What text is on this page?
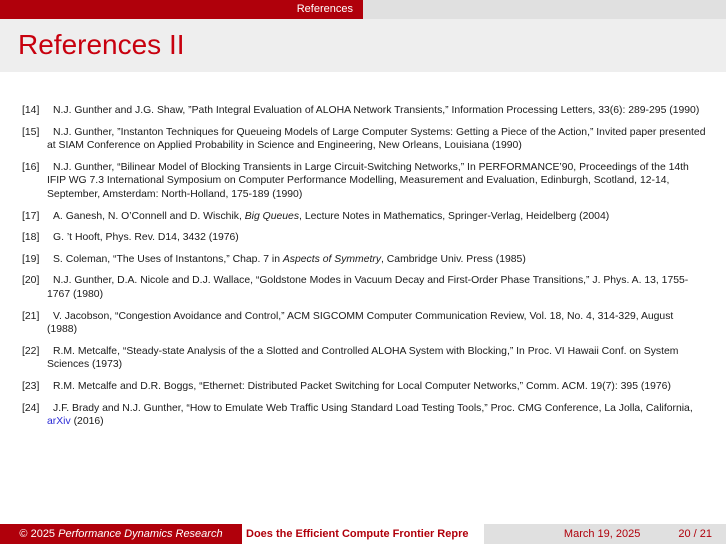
References
References II
[14]	N.J. Gunther and J.G. Shaw, ”Path Integral Evaluation of ALOHA Network Transients,” Information Processing Letters, 33(6): 289-295 (1990)
[15]	N.J. Gunther, ”Instanton Techniques for Queueing Models of Large Computer Systems: Getting a Piece of the Action,” Invited paper presented at SIAM Conference on Applied Probability in Science and Engineering, New Orleans, Louisiana (1990)
[16]	N.J. Gunther, “Bilinear Model of Blocking Transients in Large Circuit-Switching Networks,” In PERFORMANCE’90, Proceedings of the 14th IFIP WG 7.3 International Symposium on Computer Performance Modelling, Measurement and Evaluation, Edinburgh, Scotland, 12-14, September, Amsterdam: North-Holland, 175-189 (1990)
[17]	A. Ganesh, N. O’Connell and D. Wischik, Big Queues, Lecture Notes in Mathematics, Springer-Verlag, Heidelberg (2004)
[18]	G. ’t Hooft, Phys. Rev. D14, 3432 (1976)
[19]	S. Coleman, “The Uses of Instantons,” Chap. 7 in Aspects of Symmetry, Cambridge Univ. Press (1985)
[20]	N.J. Gunther, D.A. Nicole and D.J. Wallace, “Goldstone Modes in Vacuum Decay and First-Order Phase Transitions,” J. Phys. A. 13, 1755-1767 (1980)
[21]	V. Jacobson, “Congestion Avoidance and Control,” ACM SIGCOMM Computer Communication Review, Vol. 18, No. 4, 314-329, August (1988)
[22]	R.M. Metcalfe, “Steady-state Analysis of the a Slotted and Controlled ALOHA System with Blocking,” In Proc. VI Hawaii Conf. on System Sciences (1973)
[23]	R.M. Metcalfe and D.R. Boggs, “Ethernet: Distributed Packet Switching for Local Computer Networks,” Comm. ACM. 19(7): 395 (1976)
[24]	J.F. Brady and N.J. Gunther, “How to Emulate Web Traffic Using Standard Load Testing Tools,” Proc. CMG Conference, La Jolla, California, arXiv (2016)
© 2025
Performance Dynamics Research	Does the Efficient Compute Frontier Repre	March 19, 2025	20 / 21
